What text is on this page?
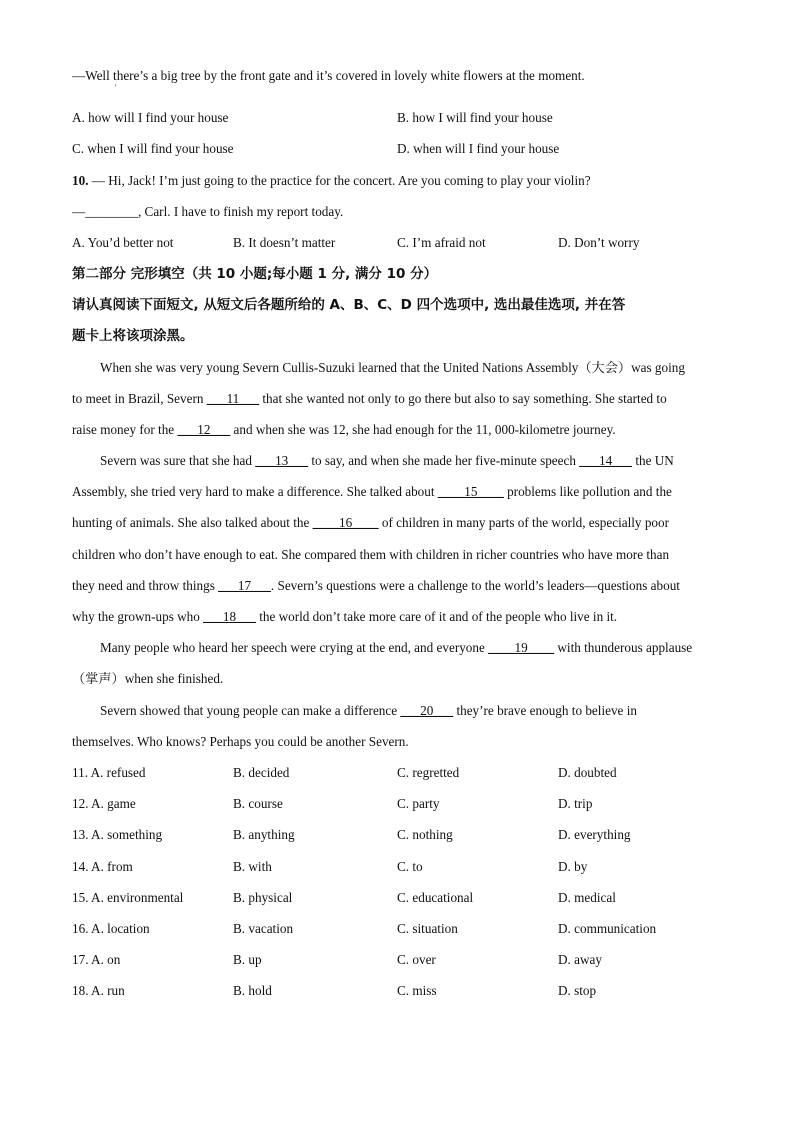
—Well there’s a big tree by the front gate and it’s covered in lovely white flowers at the moment.
'
A. how will I find your house	B. how I will find your house
C. when I will find your house	D. when will I find your house
10. — Hi, Jack! I’m just going to the practice for the concert. Are you coming to play your violin?
—________, Carl. I have to finish my report today.
A. You’d better not	B. It doesn’t matter	C. I’m afraid not	D. Don’t worry
第二部分 完形填空（共 10 小题;每小题 1 分, 满分 10 分）
请认真阅读下面短文, 从短文后各题所给的 A、B、C、D 四个选项中, 选出最佳选项, 并在答
题卡上将该项涂黑。
When she was very young Severn Cullis-Suzuki learned that the United Nations Assembly（大会）was going
to meet in Brazil, Severn ___11___ that she wanted not only to go there but also to say something. She started to
raise money for the ___12___ and when she was 12, she had enough for the 11, 000-kilometre journey.
Severn was sure that she had ___13___ to say, and when she made her five-minute speech ___14___ the UN
Assembly, she tried very hard to make a difference. She talked about ____15____ problems like pollution and the
hunting of animals. She also talked about the ____16____ of children in many parts of the world, especially poor
children who don’t have enough to eat. She compared them with children in richer countries who have more than
they need and throw things ___17___. Severn’s questions were a challenge to the world’s leaders—questions about
why the grown-ups who ___18___ the world don’t take more care of it and of the people who live in it.
Many people who heard her speech were crying at the end, and everyone ____19____ with thunderous applause
（掌声）when she finished.
Severn showed that young people can make a difference ___20___ they’re brave enough to believe in
themselves. Who knows? Perhaps you could be another Severn.
11. A. refused	B. decided	C. regretted	D. doubted
12. A. game	B. course	C. party	D. trip
13. A. something	B. anything	C. nothing	D. everything
14. A. from	B. with	C. to	D. by
15. A. environmental	B. physical	C. educational	D. medical
16. A. location	B. vacation	C. situation	D. communication
17. A. on	B. up	C. over	D. away
18. A. run	B. hold	C. miss	D. stop
